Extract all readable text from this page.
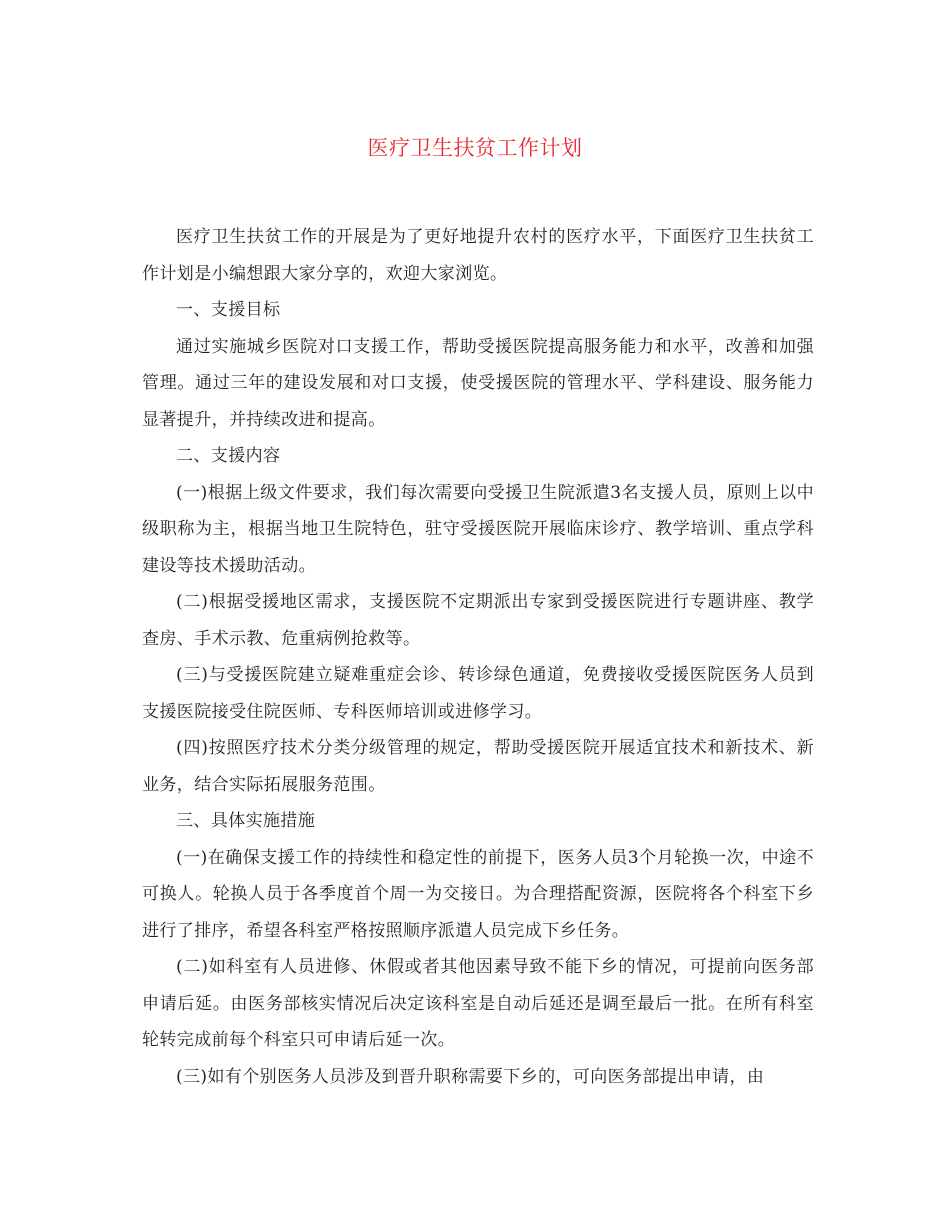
医疗卫生扶贫工作计划

医疗卫生扶贫工作的开展是为了更好地提升农村的医疗水平，下面医疗卫生扶贫工作计划是小编想跟大家分享的，欢迎大家浏览。

一、支援目标

通过实施城乡医院对口支援工作，帮助受援医院提高服务能力和水平，改善和加强管理。通过三年的建设发展和对口支援，使受援医院的管理水平、学科建设、服务能力显著提升，并持续改进和提高。

二、支援内容

(一)根据上级文件要求，我们每次需要向受援卫生院派遣3名支援人员，原则上以中级职称为主，根据当地卫生院特色，驻守受援医院开展临床诊疗、教学培训、重点学科建设等技术援助活动。

(二)根据受援地区需求，支援医院不定期派出专家到受援医院进行专题讲座、教学查房、手术示教、危重病例抢救等。

(三)与受援医院建立疑难重症会诊、转诊绿色通道，免费接收受援医院医务人员到支援医院接受住院医师、专科医师培训或进修学习。

(四)按照医疗技术分类分级管理的规定，帮助受援医院开展适宜技术和新技术、新业务，结合实际拓展服务范围。

三、具体实施措施

(一)在确保支援工作的持续性和稳定性的前提下，医务人员3个月轮换一次，中途不可换人。轮换人员于各季度首个周一为交接日。为合理搭配资源，医院将各个科室下乡进行了排序，希望各科室严格按照顺序派遣人员完成下乡任务。

(二)如科室有人员进修、休假或者其他因素导致不能下乡的情况，可提前向医务部申请后延。由医务部核实情况后决定该科室是自动后延还是调至最后一批。在所有科室轮转完成前每个科室只可申请后延一次。

(三)如有个别医务人员涉及到晋升职称需要下乡的，可向医务部提出申请，由
